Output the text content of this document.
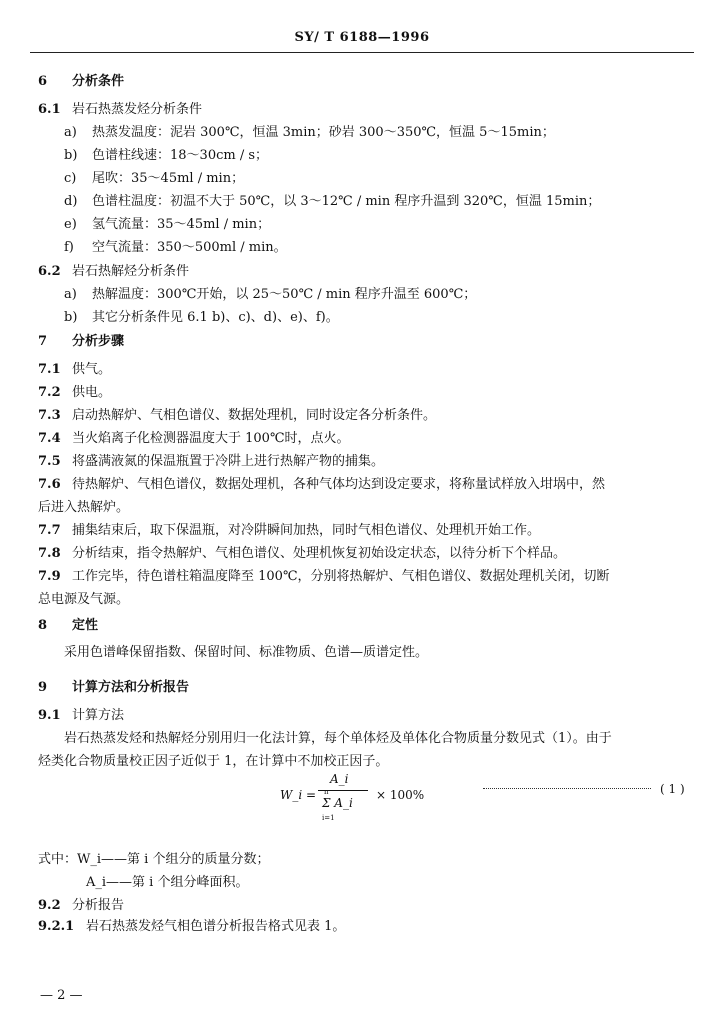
SY/ T 6188—1996
6 分析条件
6.1 岩石热蒸发烃分析条件
a) 热蒸发温度：泥岩 300℃，恒温 3min；砂岩 300～350℃，恒温 5～15min；
b) 色谱柱线速：18～30cm / s；
c) 尾吹：35～45ml / min；
d) 色谱柱温度：初温不大于 50℃，以 3～12℃ / min 程序升温到 320℃，恒温 15min；
e) 氢气流量：35～45ml / min；
f) 空气流量：350～500ml / min。
6.2 岩石热解烃分析条件
a) 热解温度：300℃开始，以 25～50℃ / min 程序升温至 600℃；
b) 其它分析条件见 6.1 b)、c)、d)、e)、f)。
7 分析步骤
7.1 供气。
7.2 供电。
7.3 启动热解炉、气相色谱仪、数据处理机，同时设定各分析条件。
7.4 当火焰离子化检测器温度大于 100℃时，点火。
7.5 将盛满液氮的保温瓶置于冷阱上进行热解产物的捕集。
7.6 待热解炉、气相色谱仪，数据处理机，各种气体均达到设定要求，将称量试样放入坩埚中，然
后进入热解炉。
7.7 捕集结束后，取下保温瓶，对冷阱瞬间加热，同时气相色谱仪、处理机开始工作。
7.8 分析结束，指令热解炉、气相色谱仪、处理机恢复初始设定状态，以待分析下个样品。
7.9 工作完毕，待色谱柱箱温度降至 100℃，分别将热解炉、气相色谱仪、数据处理机关闭，切断
总电源及气源。
8 定性
采用色谱峰保留指数、保留时间、标准物质、色谱—质谱定性。
9 计算方法和分析报告
9.1 计算方法
岩石热蒸发烃和热解烃分别用归一化法计算，每个单体烃及单体化合物质量分数见式（1）。由于
烃类化合物质量校正因子近似于 1，在计算中不加校正因子。
W_i =
A_i
n
Σ A_i
i=1
× 100%	( 1 )
式中：W_i——第 i 个组分的质量分数；
A_i——第 i 个组分峰面积。
9.2 分析报告
9.2.1 岩石热蒸发烃气相色谱分析报告格式见表 1。
— 2 —
